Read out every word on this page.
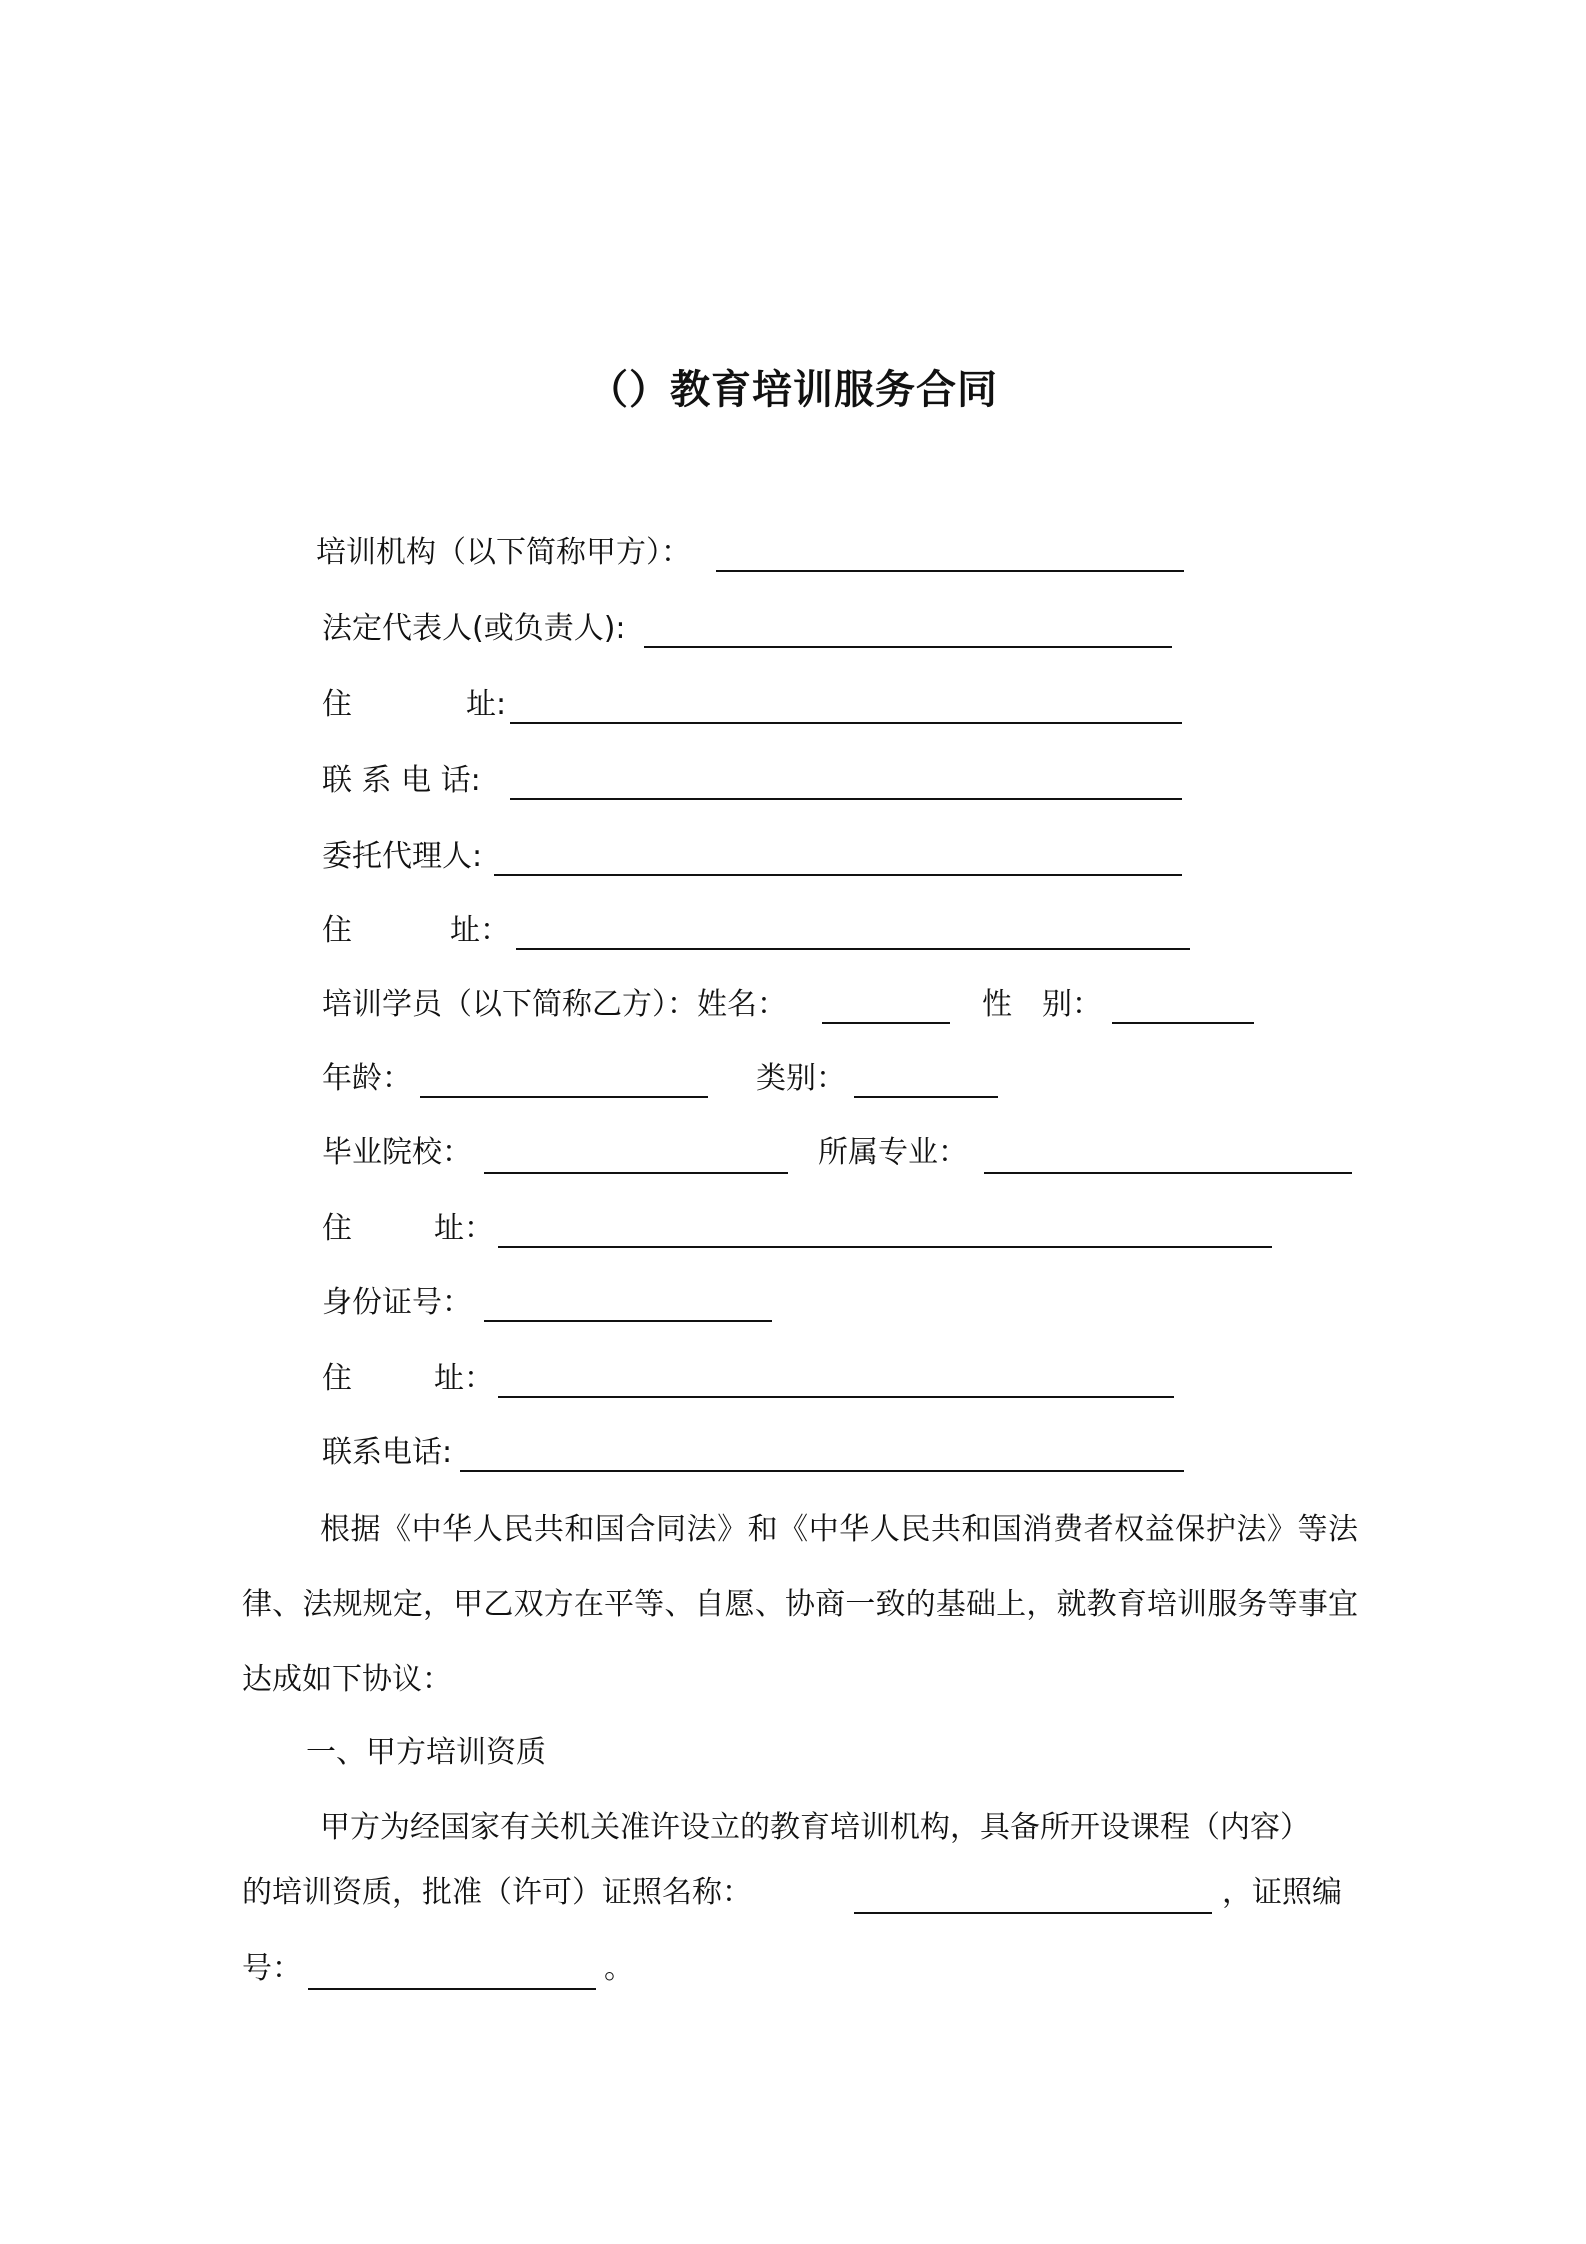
（）教育培训服务合同
培训机构（以下简称甲方）：
法定代表人(或负责人):
住	址:
联 系 电 话:
委托代理人:
住	址：
培训学员（以下简称乙方）：姓名：	性　别：
年龄：	类别：
毕业院校：	所属专业：
住	址：
身份证号：
住	址：
联系电话:
根据《中华人民共和国合同法》和《中华人民共和国消费者权益保护法》等法律、法规规定，甲乙双方在平等、自愿、协商一致的基础上，就教育培训服务等事宜达成如下协议：
一、甲方培训资质
甲方为经国家有关机关准许设立的教育培训机构，具备所开设课程（内容）
的培训资质，批准（许可）证照名称：	，证照编
。
号：
